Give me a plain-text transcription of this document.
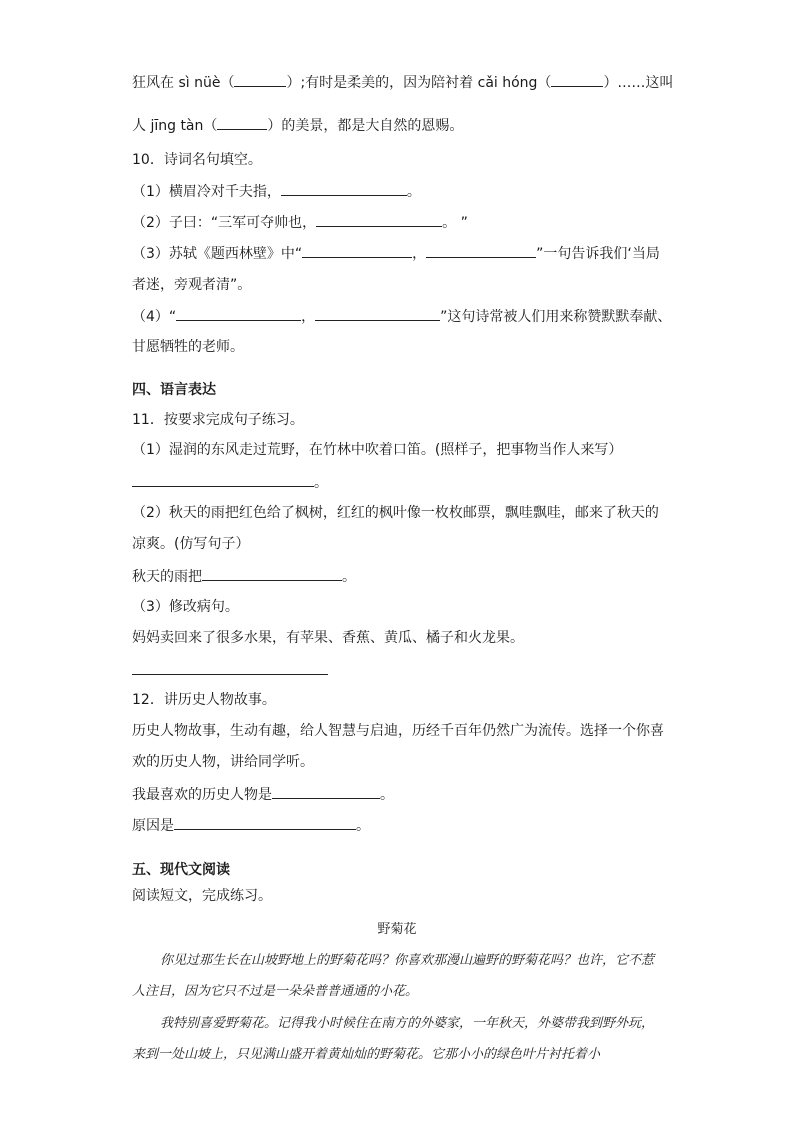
狂风在 sì nüè（	）;有时是柔美的，因为陪衬着 cǎi hóng（	）……这叫
人 jīng tàn（	）的美景，都是大自然的恩赐。
10．诗词名句填空。
（1）横眉冷对千夫指，	。
（2）子曰：“三军可夺帅也，	。 ”
（3）苏轼《题西林壁》中“	，	”一句告诉我们‘当局
者迷，旁观者清”。
（4）“	，	”这句诗常被人们用来称赞默默奉献、
甘愿牺牲的老师。
四、语言表达
11．按要求完成句子练习。
（1）湿润的东风走过荒野，在竹林中吹着口笛。(照样子，把事物当作人来写）
。
（2）秋天的雨把红色给了枫树，红红的枫叶像一枚枚邮票，飘哇飘哇，邮来了秋天的
凉爽。(仿写句子）
秋天的雨把	。
（3）修改病句。
妈妈卖回来了很多水果，有苹果、香蕉、黄瓜、橘子和火龙果。
12．讲历史人物故事。
历史人物故事，生动有趣，给人智慧与启迪，历经千百年仍然广为流传。选择一个你喜
欢的历史人物，讲给同学听。
我最喜欢的历史人物是	。
原因是	。
五、现代文阅读
阅读短文，完成练习。
野菊花
你见过那生长在山坡野地上的野菊花吗？你喜欢那漫山遍野的野菊花吗？也许，它不惹人注目，因为它只不过是一朵朵普普通通的小花。
我特别喜爱野菊花。记得我小时候住在南方的外婆家，一年秋天，外婆带我到野外玩，来到一处山坡上，只见满山盛开着黄灿灿的野菊花。它那小小的绿色叶片衬托着小
